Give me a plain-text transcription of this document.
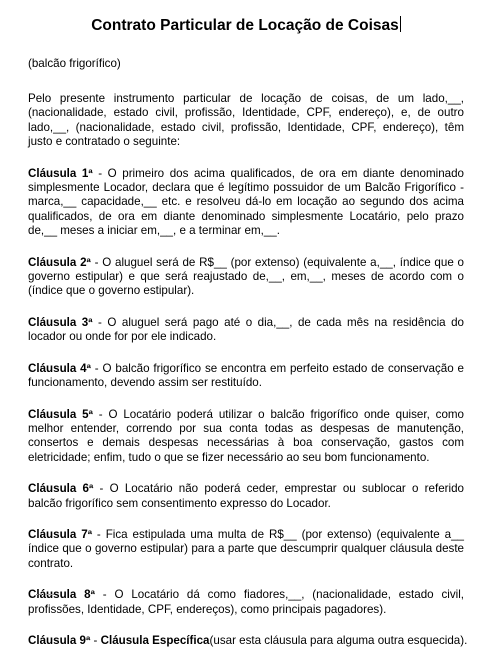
Contrato Particular de Locação de Coisas
(balcão frigorífico)

Pelo presente instrumento particular de locação de coisas, de um lado,__, (nacionalidade, estado civil, profissão, Identidade, CPF, endereço), e, de outro lado,__, (nacionalidade, estado civil, profissão, Identidade, CPF, endereço), têm justo e contratado o seguinte:

Cláusula 1ª - O primeiro dos acima qualificados, de ora em diante denominado simplesmente Locador, declara que é legítimo possuidor de um Balcão Frigorífico - marca,__ capacidade,__ etc. e resolveu dá-lo em locação ao segundo dos acima qualificados, de ora em diante denominado simplesmente Locatário, pelo prazo de,__ meses a iniciar em,__, e a terminar em,__.

Cláusula 2ª - O aluguel será de R$__ (por extenso) (equivalente a,__, índice que o governo estipular) e que será reajustado de,__, em,__, meses de acordo com o (índice que o governo estipular).

Cláusula 3ª - O aluguel será pago até o dia,__, de cada mês na residência do locador ou onde for por ele indicado.

Cláusula 4ª - O balcão frigorífico se encontra em perfeito estado de conservação e funcionamento, devendo assim ser restituído.

Cláusula 5ª - O Locatário poderá utilizar o balcão frigorífico onde quiser, como melhor entender, correndo por sua conta todas as despesas de manutenção, consertos e demais despesas necessárias à boa conservação, gastos com eletricidade; enfim, tudo o que se fizer necessário ao seu bom funcionamento.

Cláusula 6ª - O Locatário não poderá ceder, emprestar ou sublocar o referido balcão frigorífico sem consentimento expresso do Locador.

Cláusula 7ª - Fica estipulada uma multa de R$__ (por extenso) (equivalente a__ índice que o governo estipular) para a parte que descumprir qualquer cláusula deste contrato.

Cláusula 8ª - O Locatário dá como fiadores,__, (nacionalidade, estado civil, profissões, Identidade, CPF, endereços), como principais pagadores).

Cláusula 9ª - Cláusula Específica(usar esta cláusula para alguma outra esquecida).
